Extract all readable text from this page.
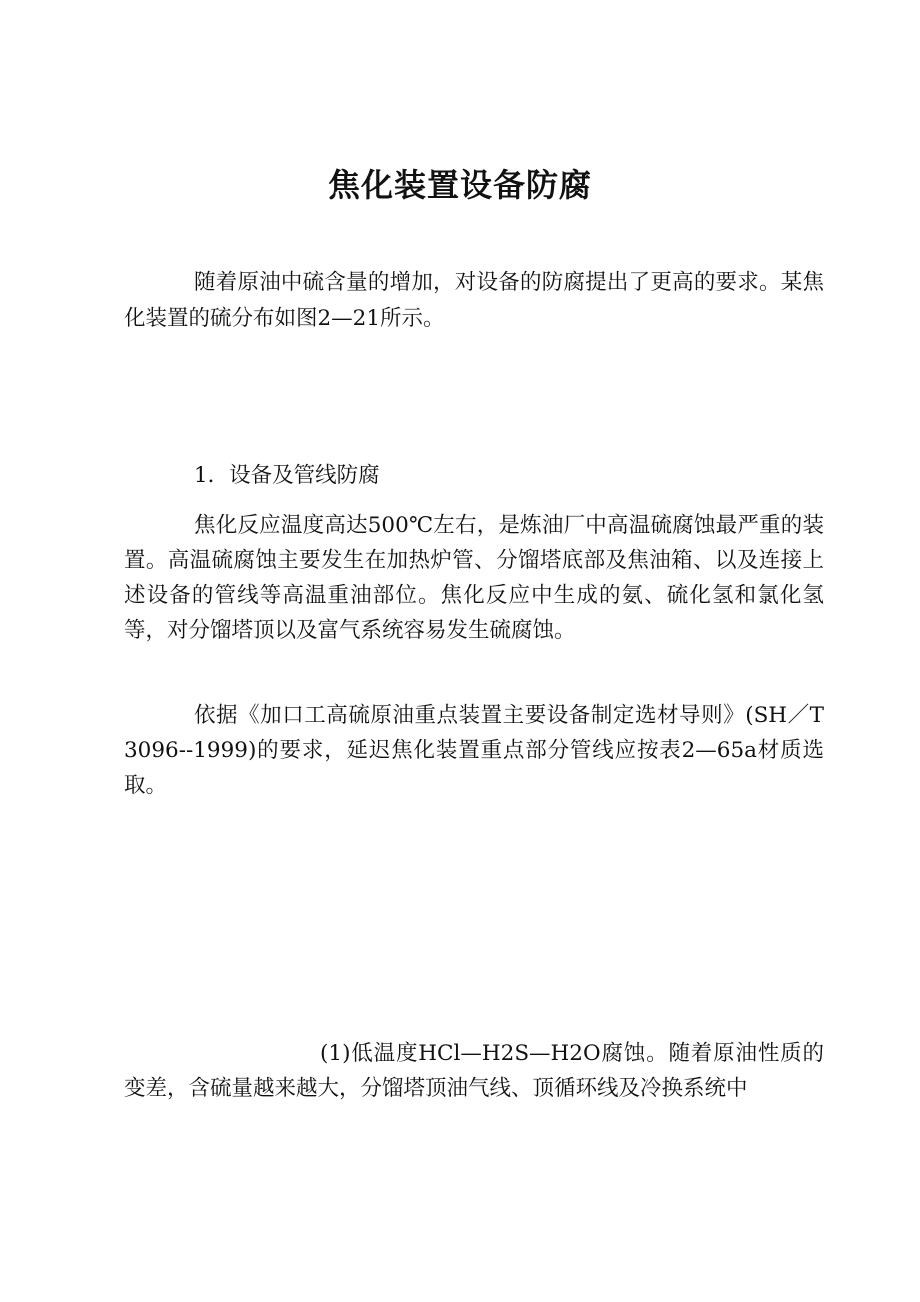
焦化装置设备防腐

随着原油中硫含量的增加，对设备的防腐提出了更高的要求。某焦化装置的硫分布如图2—21所示。

1．设备及管线防腐

焦化反应温度高达500℃左右，是炼油厂中高温硫腐蚀最严重的装置。高温硫腐蚀主要发生在加热炉管、分馏塔底部及焦油箱、以及连接上述设备的管线等高温重油部位。焦化反应中生成的氨、硫化氢和氯化氢等，对分馏塔顶以及富气系统容易发生硫腐蚀。

依据《加口工高硫原油重点装置主要设备制定选材导则》(SH／T 3096--1999)的要求，延迟焦化装置重点部分管线应按表2—65a材质选取。

(1)低温度HCl—H2S—H2O腐蚀。随着原油性质的变差，含硫量越来越大，分馏塔顶油气线、顶循环线及冷换系统中
